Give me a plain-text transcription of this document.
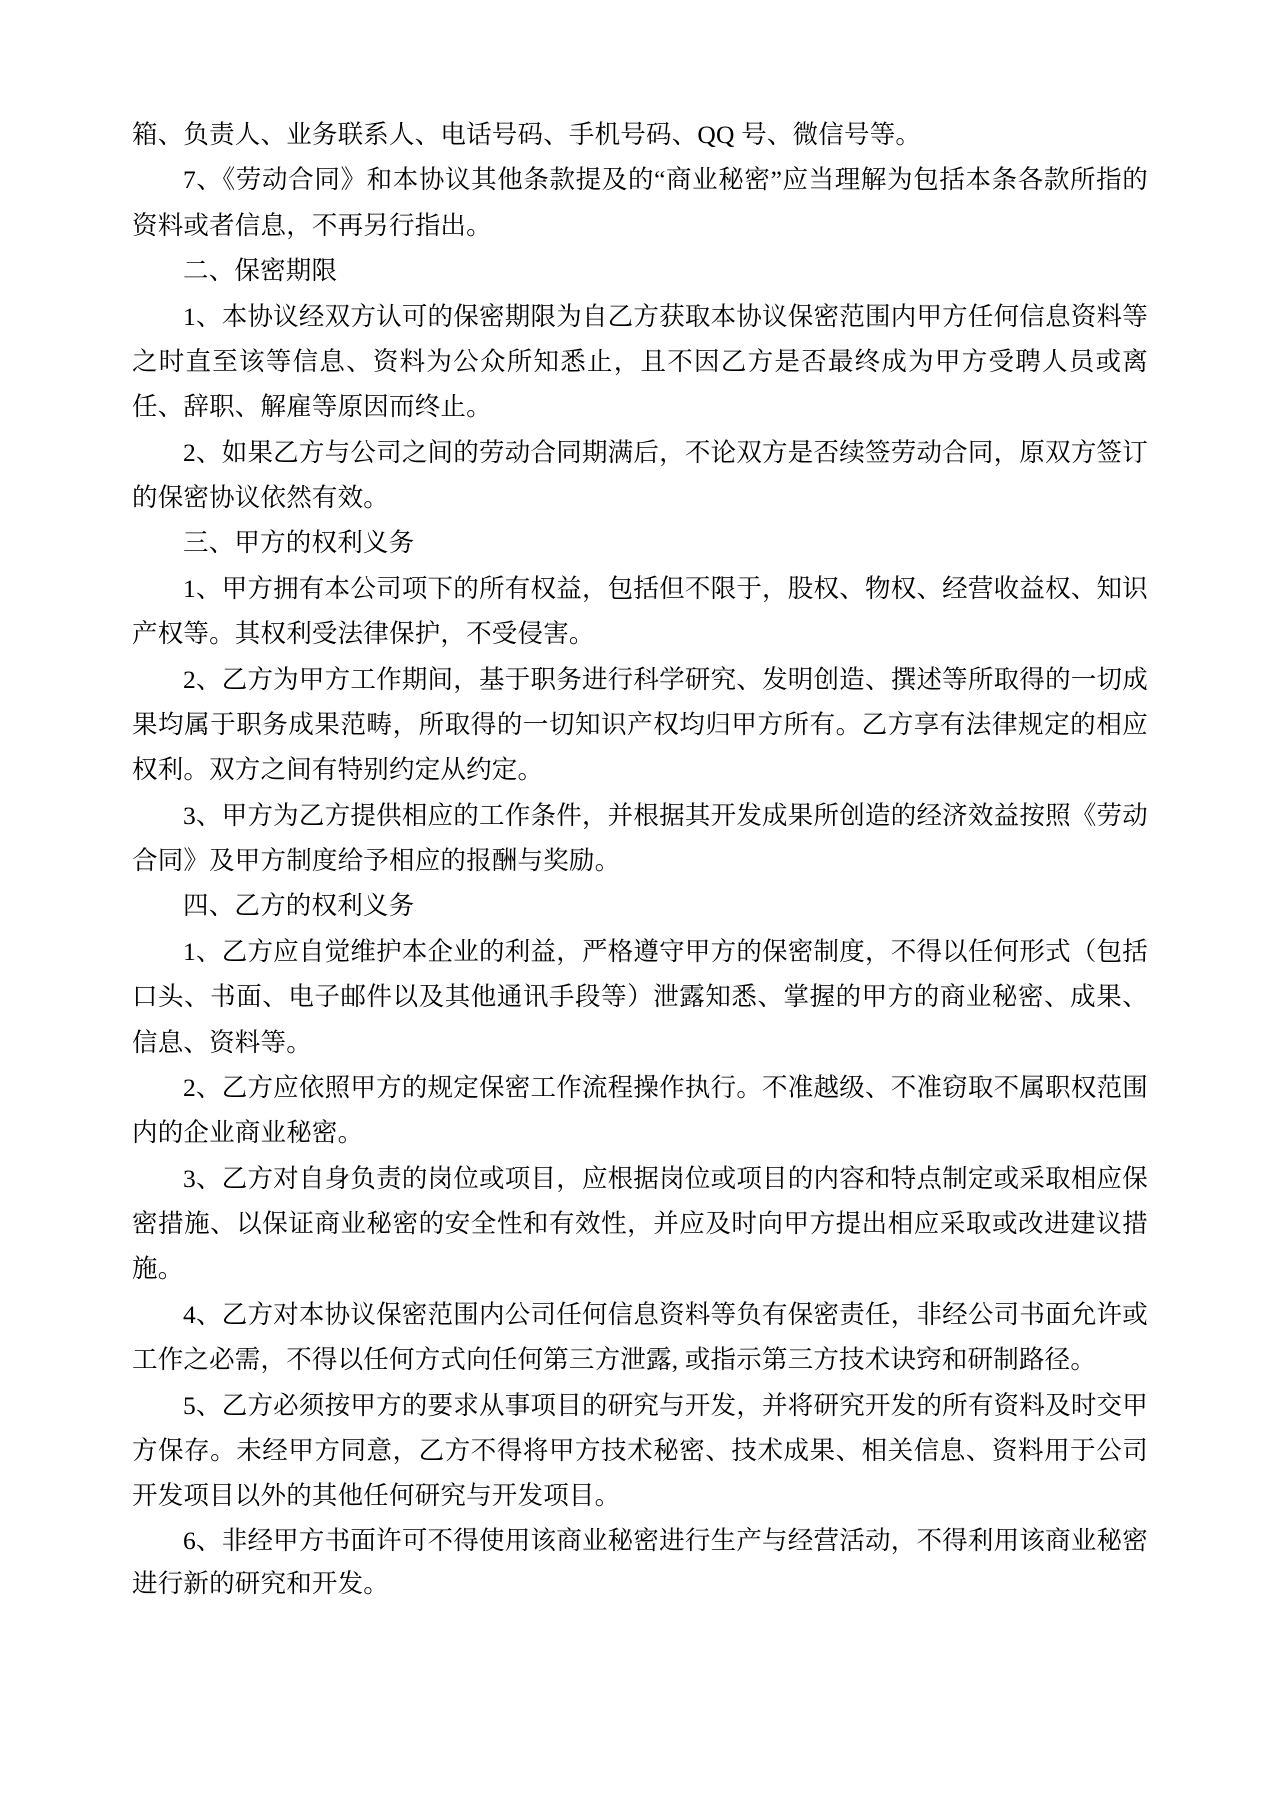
箱、负责人、业务联系人、电话号码、手机号码、QQ 号、微信号等。

7、《劳动合同》和本协议其他条款提及的“商业秘密”应当理解为包括本条各款所指的资料或者信息，不再另行指出。

二、保密期限

1、本协议经双方认可的保密期限为自乙方获取本协议保密范围内甲方任何信息资料等之时直至该等信息、资料为公众所知悉止，且不因乙方是否最终成为甲方受聘人员或离任、辞职、解雇等原因而终止。

2、如果乙方与公司之间的劳动合同期满后，不论双方是否续签劳动合同，原双方签订的保密协议依然有效。

三、甲方的权利义务

1、甲方拥有本公司项下的所有权益，包括但不限于，股权、物权、经营收益权、知识产权等。其权利受法律保护，不受侵害。

2、乙方为甲方工作期间，基于职务进行科学研究、发明创造、撰述等所取得的一切成果均属于职务成果范畴，所取得的一切知识产权均归甲方所有。乙方享有法律规定的相应权利。双方之间有特别约定从约定。

3、甲方为乙方提供相应的工作条件，并根据其开发成果所创造的经济效益按照《劳动合同》及甲方制度给予相应的报酬与奖励。

四、乙方的权利义务

1、乙方应自觉维护本企业的利益，严格遵守甲方的保密制度，不得以任何形式（包括口头、书面、电子邮件以及其他通讯手段等）泄露知悉、掌握的甲方的商业秘密、成果、信息、资料等。

2、乙方应依照甲方的规定保密工作流程操作执行。不准越级、不准窃取不属职权范围内的企业商业秘密。

3、乙方对自身负责的岗位或项目，应根据岗位或项目的内容和特点制定或采取相应保密措施、以保证商业秘密的安全性和有效性，并应及时向甲方提出相应采取或改进建议措施。

4、乙方对本协议保密范围内公司任何信息资料等负有保密责任，非经公司书面允许或工作之必需，不得以任何方式向任何第三方泄露, 或指示第三方技术诀窍和研制路径。

5、乙方必须按甲方的要求从事项目的研究与开发，并将研究开发的所有资料及时交甲方保存。未经甲方同意，乙方不得将甲方技术秘密、技术成果、相关信息、资料用于公司开发项目以外的其他任何研究与开发项目。

6、非经甲方书面许可不得使用该商业秘密进行生产与经营活动，不得利用该商业秘密进行新的研究和开发。
